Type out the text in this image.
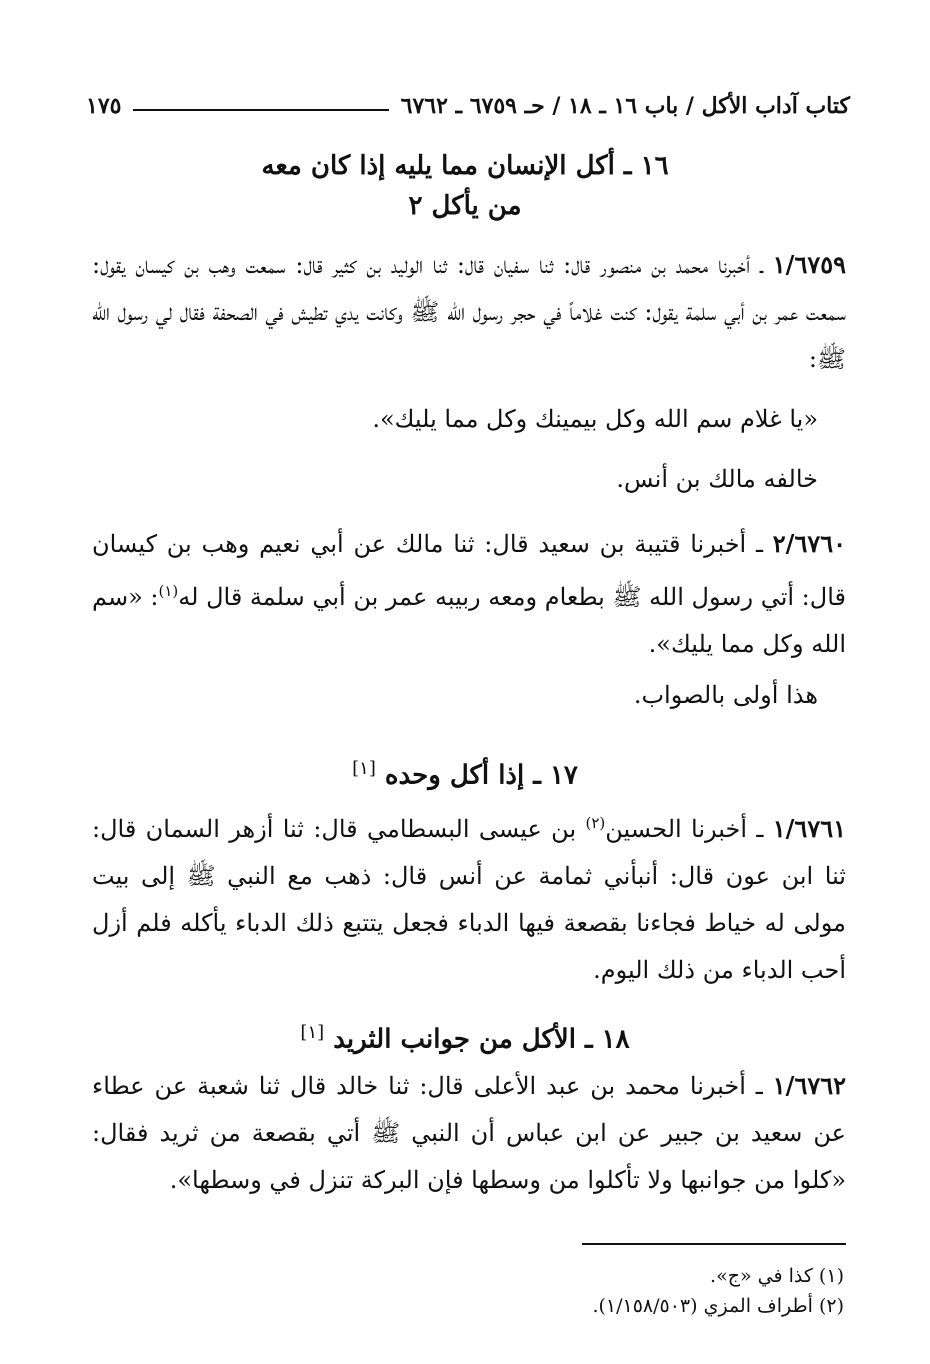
كتاب آداب الأكل / باب ١٦ ـ ١٨ / حـ ٦٧٥٩ ـ ٦٧٦٢
١٧٥
١٦ ـ أكل الإنسان مما يليه إذا كان معه
من يأكل ٢

١/٦٧٥٩ ـ أخبرنا محمد بن منصور قال: ثنا سفيان قال: ثنا الوليد بن كثير قال: سمعت وهب بن كيسان يقول: سمعت عمر بن أبي سلمة يقول: كنت غلاماً في حجر رسول الله ﷺ وكانت يدي تطيش في الصحفة فقال لي رسول الله ﷺ:

«يا غلام سم الله وكل بيمينك وكل مما يليك».

خالفه مالك بن أنس.

٢/٦٧٦٠ ـ أخبرنا قتيبة بن سعيد قال: ثنا مالك عن أبي نعيم وهب بن كيسان قال: أتي رسول الله ﷺ بطعام ومعه ربيبه عمر بن أبي سلمة قال له$^{(١)}$: «سم الله وكل مما يليك».

هذا أولى بالصواب.

١٧ ـ إذا أكل وحده [١]

١/٦٧٦١ ـ أخبرنا الحسين$^{(٢)}$ بن عيسى البسطامي قال: ثنا أزهر السمان قال: ثنا ابن عون قال: أنبأني ثمامة عن أنس قال: ذهب مع النبي ﷺ إلى بيت مولى له خياط فجاءنا بقصعة فيها الدباء فجعل يتتبع ذلك الدباء يأكله فلم أزل أحب الدباء من ذلك اليوم.

١٨ ـ الأكل من جوانب الثريد [١]

١/٦٧٦٢ ـ أخبرنا محمد بن عبد الأعلى قال: ثنا خالد قال ثنا شعبة عن عطاء عن سعيد بن جبير عن ابن عباس أن النبي ﷺ أتي بقصعة من ثريد فقال: «كلوا من جوانبها ولا تأكلوا من وسطها فإن البركة تنزل في وسطها».

(١) كذا في «ج».
(٢) أطراف المزي (١/١٥٨/٥٠٣).
